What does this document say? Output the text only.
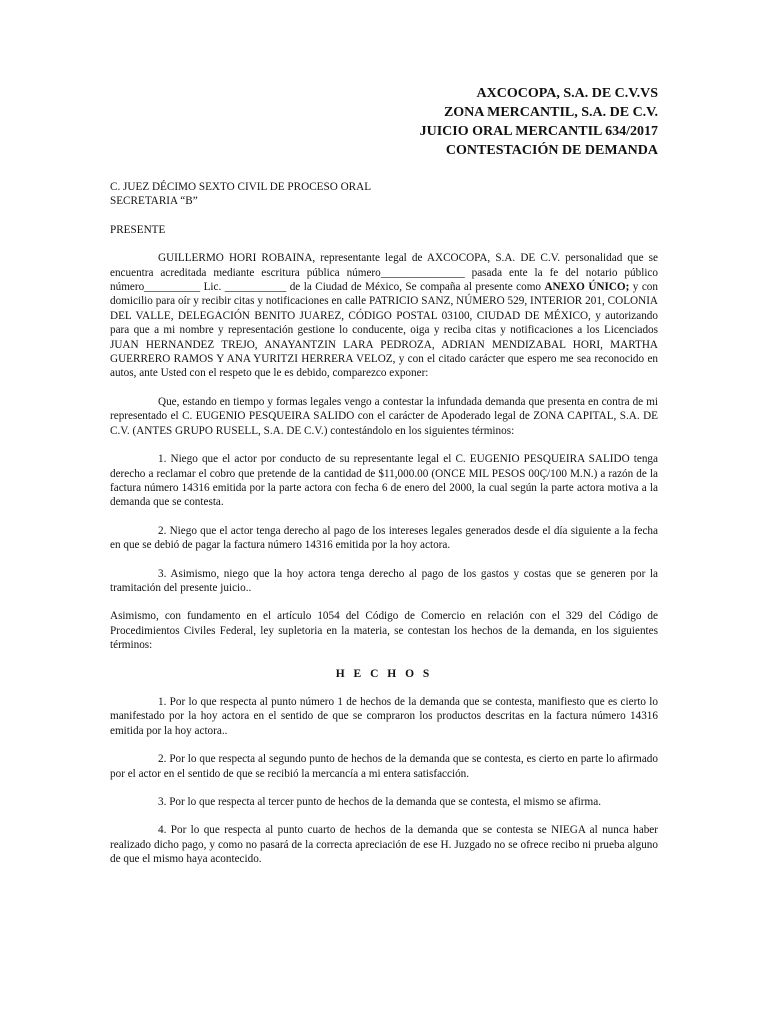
AXCOCOPA, S.A. DE C.V.VS
ZONA MERCANTIL, S.A. DE C.V.
JUICIO ORAL MERCANTIL 634/2017
CONTESTACIÓN DE DEMANDA

C. JUEZ DÉCIMO SEXTO CIVIL DE PROCESO ORAL

SECRETARIA “B”

PRESENTE

GUILLERMO HORI ROBAINA, representante legal de AXCOCOPA, S.A. DE C.V. personalidad que se encuentra acreditada mediante escritura pública número_______________ pasada ente la fe del notario público número__________ Lic. ___________ de la Ciudad de México, Se compaña al presente como ANEXO ÚNICO; y con domicilio para oír y recibir citas y notificaciones en calle PATRICIO SANZ, NÚMERO 529, INTERIOR 201, COLONIA DEL VALLE, DELEGACIÓN BENITO JUAREZ, CÓDIGO POSTAL 03100, CIUDAD DE MÉXICO, y autorizando para que a mi nombre y representación gestione lo conducente, oiga y reciba citas y notificaciones a los Licenciados JUAN HERNANDEZ TREJO, ANAYANTZIN LARA PEDROZA, ADRIAN MENDIZABAL HORI, MARTHA GUERRERO RAMOS Y ANA YURITZI HERRERA VELOZ, y con el citado carácter que espero me sea reconocido en autos, ante Usted con el respeto que le es debido, comparezco exponer:

Que, estando en tiempo y formas legales vengo a contestar la infundada demanda que presenta en contra de mi representado el C. EUGENIO PESQUEIRA SALIDO con el carácter de Apoderado legal de ZONA CAPITAL, S.A. DE C.V. (ANTES GRUPO RUSELL, S.A. DE C.V.) contestándolo en los siguientes términos:

1. Niego que el actor por conducto de su representante legal el C. EUGENIO PESQUEIRA SALIDO tenga derecho a reclamar el cobro que pretende de la cantidad de $11,000.00 (ONCE MIL PESOS 00Ç/100 M.N.) a razón de la factura número 14316 emitida por la parte actora con fecha 6 de enero del 2000, la cual según la parte actora motiva a la demanda que se contesta.

2. Niego que el actor tenga derecho al pago de los intereses legales generados desde el día siguiente a la fecha en que se debió de pagar la factura número 14316 emitida por la hoy actora.

3. Asimismo, niego que la hoy actora tenga derecho al pago de los gastos y costas que se generen por la tramitación del presente juicio..

Asimismo, con fundamento en el artículo 1054 del Código de Comercio en relación con el 329 del Código de Procedimientos Civiles Federal, ley supletoria en la materia, se contestan los hechos de la demanda, en los siguientes términos:

H E C H O S

1. Por lo que respecta al punto número 1 de hechos de la demanda que se contesta, manifiesto que es cierto lo manifestado por la hoy actora en el sentido de que se compraron los productos descritas en la factura número 14316 emitida por la hoy actora..

2. Por lo que respecta al segundo punto de hechos de la demanda que se contesta, es cierto en parte lo afirmado por el actor en el sentido de que se recibió la mercancía a mi entera satisfacción.

3. Por lo que respecta al tercer punto de hechos de la demanda que se contesta, el mismo se afirma.

4. Por lo que respecta al punto cuarto de hechos de la demanda que se contesta se NIEGA al nunca haber realizado dicho pago, y como no pasará de la correcta apreciación de ese H. Juzgado no se ofrece recibo ni prueba alguno de que el mismo haya acontecido.
